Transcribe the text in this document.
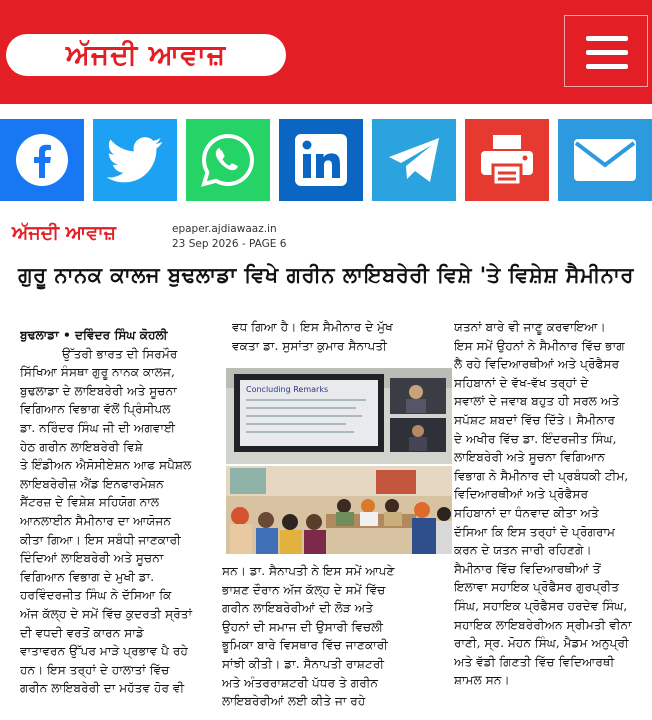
ਅੱਜਦੀ ਆਵਾਜ਼
ਅੱਜਦੀ ਆਵਾਜ਼	epaper.ajdiawaaz.in
23 Sep 2026 - PAGE 6
ਗੁਰੂ ਨਾਨਕ ਕਾਲਜ ਬੁਢਲਾਡਾ ਵਿਖੇ ਗਰੀਨ ਲਾਇਬਰੇਰੀ ਵਿਸ਼ੇ 'ਤੇ ਵਿਸ਼ੇਸ਼ ਸੈਮੀਨਾਰ
ਬੁਢਲਾਡਾ • ਦਵਿੰਦਰ ਸਿੰਘ ਕੋਹਲੀ
ਉੱਤਰੀ ਭਾਰਤ ਦੀ ਸਿਰਮੌਰ
ਸਿੱਖਿਆ ਸੰਸਥਾ ਗੁਰੂ ਨਾਨਕ ਕਾਲਜ,
ਬੁਢਲਾਡਾ ਦੇ ਲਾਇਬਰੇਰੀ ਅਤੇ ਸੂਚਨਾ
ਵਿਗਿਆਨ ਵਿਭਾਗ ਵੱਲੋਂ ਪ੍ਰਿੰਸੀਪਲ
ਡਾ. ਨਰਿੰਦਰ ਸਿੰਘ ਜੀ ਦੀ ਅਗਵਾਈ
ਹੇਠ ਗਰੀਨ ਲਾਇਬਰੇਰੀ ਵਿਸ਼ੇ
ਤੇ ਇੰਡੀਅਨ ਐਸੋਸੀਏਸ਼ਨ ਆਫ ਸਪੈਸ਼ਲ
ਲਾਇਬਰੇਰੀਜ਼ ਐਂਡ ਇਨਫਾਰਮੇਸ਼ਨ
ਸੈਂਟਰਜ਼ ਦੇ ਵਿਸ਼ੇਸ਼ ਸਹਿਯੋਗ ਨਾਲ
ਆਨਲਾਈਨ ਸੈਮੀਨਾਰ ਦਾ ਆਯੋਜਨ
ਕੀਤਾ ਗਿਆ। ਇਸ ਸਬੰਧੀ ਜਾਣਕਾਰੀ
ਦਿੰਦਿਆਂ ਲਾਇਬਰੇਰੀ ਅਤੇ ਸੂਚਨਾ
ਵਿਗਿਆਨ ਵਿਭਾਗ ਦੇ ਮੁਖੀ ਡਾ.
ਹਰਵਿੰਦਰਜੀਤ ਸਿੰਘ ਨੇ ਦੱਸਿਆ ਕਿ
ਅੱਜ ਕੱਲ੍ਹ ਦੇ ਸਮੇਂ ਵਿੱਚ ਕੁਦਰਤੀ ਸ੍ਰੋਤਾਂ
ਦੀ ਵਧਦੀ ਵਰਤੋਂ ਕਾਰਨ ਸਾਡੇ
ਵਾਤਾਵਰਨ ਉੱਪਰ ਮਾੜੇ ਪ੍ਰਭਾਵ ਪੈ ਰਹੇ
ਹਨ। ਇਸ ਤਰ੍ਹਾਂ ਦੇ ਹਾਲਾਤਾਂ ਵਿੱਚ
ਗਰੀਨ ਲਾਇਬਰੇਰੀ ਦਾ ਮਹੱਤਵ ਹੋਰ ਵੀ
ਵਧ ਗਿਆ ਹੈ। ਇਸ ਸੈਮੀਨਾਰ ਦੇ ਮੁੱਖ
ਵਕਤਾ ਡਾ. ਸੁਸਾਂਤਾ ਕੁਮਾਰ ਸੈਨਾਪਤੀ
Concluding Remarks
ਸਨ। ਡਾ. ਸੈਨਾਪਤੀ ਨੇ ਇਸ ਸਮੇਂ ਆਪਣੇ
ਭਾਸ਼ਣ ਦੌਰਾਨ ਅੱਜ ਕੱਲ੍ਹ ਦੇ ਸਮੇਂ ਵਿੱਚ
ਗਰੀਨ ਲਾਇਬਰੇਰੀਆਂ ਦੀ ਲੋੜ ਅਤੇ
ਉਹਨਾਂ ਦੀ ਸਮਾਜ ਦੀ ਉਸਾਰੀ ਵਿਚਲੀ
ਭੂਮਿਕਾ ਬਾਰੇ ਵਿਸਥਾਰ ਵਿੱਚ ਜਾਣਕਾਰੀ
ਸਾਂਝੀ ਕੀਤੀ। ਡਾ. ਸੈਨਾਪਤੀ ਰਾਸ਼ਟਰੀ
ਅਤੇ ਅੰਤਰਰਾਸ਼ਟਰੀ ਪੱਧਰ ਤੇ ਗਰੀਨ
ਲਾਇਬਰੇਰੀਆਂ ਲਈ ਕੀਤੇ ਜਾ ਰਹੇ
ਯਤਨਾਂ ਬਾਰੇ ਵੀ ਜਾਣੂ ਕਰਵਾਇਆ।
ਇਸ ਸਮੇਂ ਉਹਨਾਂ ਨੇ ਸੈਮੀਨਾਰ ਵਿੱਚ ਭਾਗ
ਲੈ ਰਹੇ ਵਿਦਿਆਰਥੀਆਂ ਅਤੇ ਪ੍ਰੋਫੈਸਰ
ਸਹਿਬਾਨਾਂ ਦੇ ਵੱਖ-ਵੱਖ ਤਰ੍ਹਾਂ ਦੇ
ਸਵਾਲਾਂ ਦੇ ਜਵਾਬ ਬਹੁਤ ਹੀ ਸਰਲ ਅਤੇ
ਸਪੱਸ਼ਟ ਸ਼ਬਦਾਂ ਵਿੱਚ ਦਿੱਤੇ। ਸੈਮੀਨਾਰ
ਦੇ ਅਖੀਰ ਵਿੱਚ ਡਾ. ਇੰਦਰਜੀਤ ਸਿੰਘ,
ਲਾਇਬਰੇਰੀ ਅਤੇ ਸੂਚਨਾ ਵਿਗਿਆਨ
ਵਿਭਾਗ ਨੇ ਸੈਮੀਨਾਰ ਦੀ ਪ੍ਰਬੰਧਕੀ ਟੀਮ,
ਵਿਦਿਆਰਥੀਆਂ ਅਤੇ ਪ੍ਰੋਫੈਸਰ
ਸਹਿਬਾਨਾਂ ਦਾ ਧੰਨਵਾਦ ਕੀਤਾ ਅਤੇ
ਦੱਸਿਆ ਕਿ ਇਸ ਤਰ੍ਹਾਂ ਦੇ ਪ੍ਰੋਗਰਾਮ
ਕਰਨ ਦੇ ਯਤਨ ਜਾਰੀ ਰਹਿਣਗੇ।
ਸੈਮੀਨਾਰ ਵਿੱਚ ਵਿਦਿਆਰਥੀਆਂ ਤੋਂ
ਇਲਾਵਾ ਸਹਾਇਕ ਪ੍ਰੋਫੈਸਰ ਗੁਰਪ੍ਰੀਤ
ਸਿੰਘ, ਸਹਾਇਕ ਪ੍ਰੋਫੈਸਰ ਹਰਦੇਵ ਸਿੰਘ,
ਸਹਾਇਕ ਲਾਇਬਰੇਰੀਅਨ ਸ੍ਰੀਮਤੀ ਵੀਨਾ
ਰਾਣੀ, ਸ੍ਰ. ਮੋਹਨ ਸਿੰਘ, ਮੈਡਮ ਅਨੁਪ੍ਰੀ
ਅਤੇ ਵੱਡੀ ਗਿਣਤੀ ਵਿੱਚ ਵਿਦਿਆਰਥੀ
ਸ਼ਾਮਲ ਸਨ।
